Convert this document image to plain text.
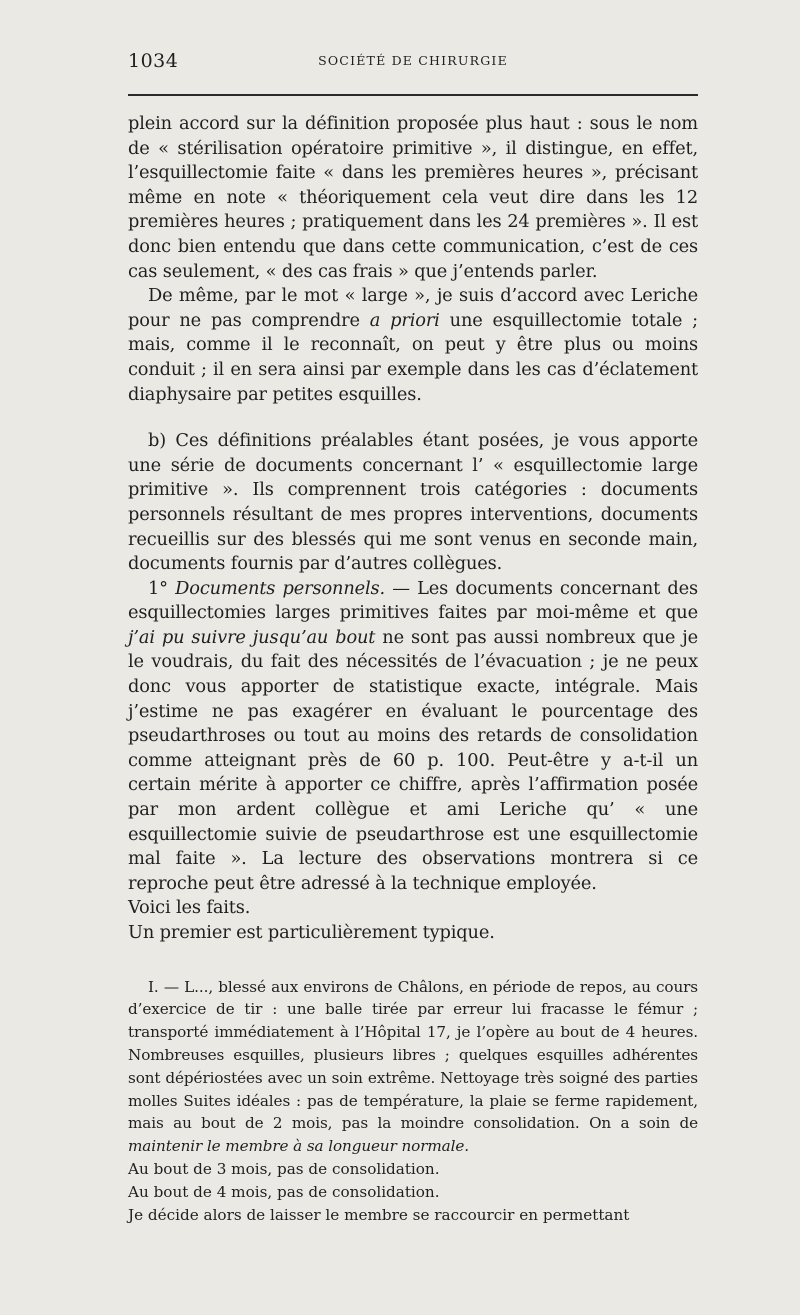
1034	SOCIÉTÉ DE CHIRURGIE

plein accord sur la définition proposée plus haut : sous le nom de « stérilisation opératoire primitive », il distingue, en effet, l’esquillectomie faite « dans les premières heures », précisant même en note « théoriquement cela veut dire dans les 12 premières heures ; pratiquement dans les 24 premières ». Il est donc bien entendu que dans cette communication, c’est de ces cas seulement, « des cas frais » que j’entends parler.

De même, par le mot « large », je suis d’accord avec Leriche pour ne pas comprendre a priori une esquillectomie totale ; mais, comme il le reconnaît, on peut y être plus ou moins conduit ; il en sera ainsi par exemple dans les cas d’éclatement diaphysaire par petites esquilles.

b) Ces définitions préalables étant posées, je vous apporte une série de documents concernant l’ « esquillectomie large primitive ». Ils comprennent trois catégories : documents personnels résultant de mes propres interventions, documents recueillis sur des blessés qui me sont venus en seconde main, documents fournis par d’autres collègues.

1° Documents personnels. — Les documents concernant des esquillectomies larges primitives faites par moi-même et que j’ai pu suivre jusqu’au bout ne sont pas aussi nombreux que je le voudrais, du fait des nécessités de l’évacuation ; je ne peux donc vous apporter de statistique exacte, intégrale. Mais j’estime ne pas exagérer en évaluant le pourcentage des pseudarthroses ou tout au moins des retards de consolidation comme atteignant près de 60 p. 100. Peut-être y a-t-il un certain mérite à apporter ce chiffre, après l’affirmation posée par mon ardent collègue et ami Leriche qu’ « une esquillectomie suivie de pseudarthrose est une esquillectomie mal faite ». La lecture des observations montrera si ce reproche peut être adressé à la technique employée.

Voici les faits.

Un premier est particulièrement typique.

I. — L..., blessé aux environs de Châlons, en période de repos, au cours d’exercice de tir : une balle tirée par erreur lui fracasse le fémur ; transporté immédiatement à l’Hôpital 17, je l’opère au bout de 4 heures. Nombreuses esquilles, plusieurs libres ; quelques esquilles adhérentes sont dépériostées avec un soin extrême. Nettoyage très soigné des parties molles Suites idéales : pas de température, la plaie se ferme rapidement, mais au bout de 2 mois, pas la moindre consolidation. On a soin de maintenir le membre à sa longueur normale.

Au bout de 3 mois, pas de consolidation.

Au bout de 4 mois, pas de consolidation.

Je décide alors de laisser le membre se raccourcir en permettant
